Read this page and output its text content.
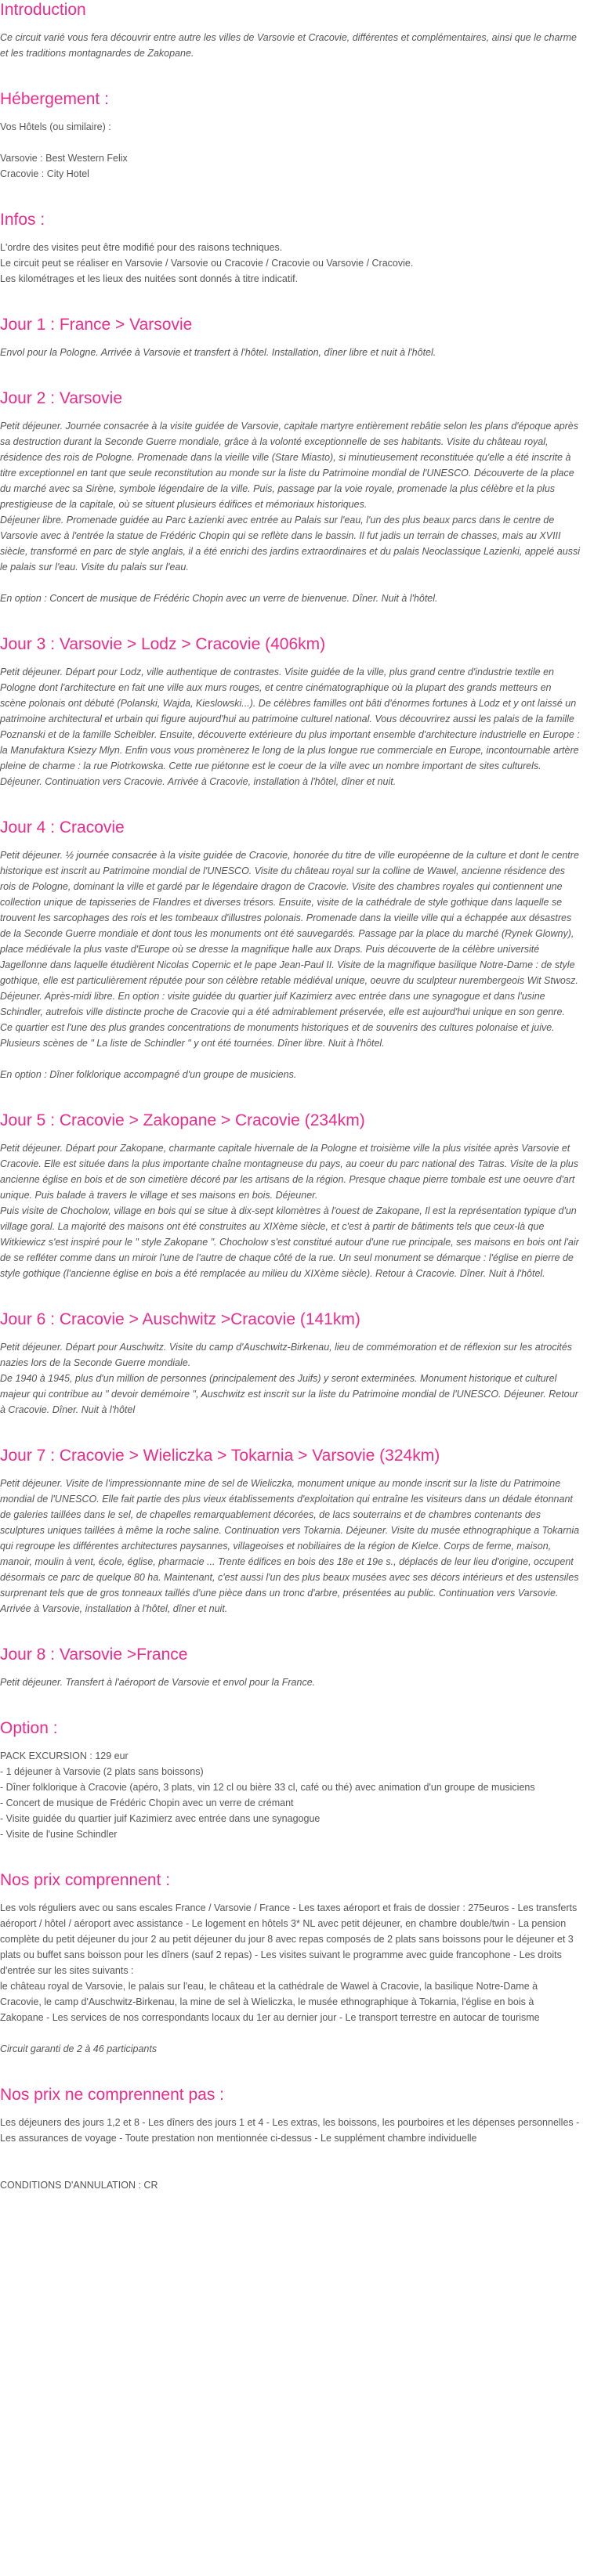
Introduction

Ce circuit varié vous fera découvrir entre autre les villes de Varsovie et Cracovie, différentes et complémentaires, ainsi que le charme et les traditions montagnardes de Zakopane.

Hébergement :

Vos Hôtels (ou similaire) :

Varsovie : Best Western Felix

Cracovie : City Hotel

Infos :

L'ordre des visites peut être modifié pour des raisons techniques.

Le circuit peut se réaliser en Varsovie / Varsovie ou Cracovie / Cracovie ou Varsovie / Cracovie.

Les kilométrages et les lieux des nuitées sont donnés à titre indicatif.

Jour 1 : France > Varsovie

Envol pour la Pologne. Arrivée à Varsovie et transfert à l'hôtel. Installation, dîner libre et nuit à l'hôtel.

Jour 2 : Varsovie

Petit déjeuner. Journée consacrée à la visite guidée de Varsovie, capitale martyre entièrement rebâtie selon les plans d'époque après sa destruction durant la Seconde Guerre mondiale, grâce à la volonté exceptionnelle de ses habitants. Visite du château royal, résidence des rois de Pologne. Promenade dans la vieille ville (Stare Miasto), si minutieusement reconstituée qu'elle a été inscrite à titre exceptionnel en tant que seule reconstitution au monde sur la liste du Patrimoine mondial de l'UNESCO. Découverte de la place du marché avec sa Sirène, symbole légendaire de la ville. Puis, passage par la voie royale, promenade la plus célèbre et la plus prestigieuse de la capitale, où se situent plusieurs édifices et mémoriaux historiques.

Déjeuner libre. Promenade guidée au Parc Łazienki avec entrée au Palais sur l'eau, l'un des plus beaux parcs dans le centre de Varsovie avec à l'entrée la statue de Frédéric Chopin qui se reflète dans le bassin. Il fut jadis un terrain de chasses, mais au XVIII siècle, transformé en parc de style anglais, il a été enrichi des jardins extraordinaires et du palais Neoclassique Lazienki, appelé aussi le palais sur l'eau. Visite du palais sur l'eau.

En option : Concert de musique de Frédéric Chopin avec un verre de bienvenue. Dîner. Nuit à l'hôtel.

Jour 3 : Varsovie > Lodz > Cracovie (406km)

Petit déjeuner. Départ pour Lodz, ville authentique de contrastes. Visite guidée de la ville, plus grand centre d'industrie textile en Pologne dont l'architecture en fait une ville aux murs rouges, et centre cinématographique où la plupart des grands metteurs en scène polonais ont débuté (Polanski, Wajda, Kieslowski...). De célèbres familles ont bâti d'énormes fortunes à Lodz et y ont laissé un patrimoine architectural et urbain qui figure aujourd'hui au patrimoine culturel national. Vous découvrirez aussi les palais de la famille Poznanski et de la famille Scheibler. Ensuite, découverte extérieure du plus important ensemble d'architecture industrielle en Europe : la Manufaktura Ksiezy Mlyn. Enfin vous vous promènerez le long de la plus longue rue commerciale en Europe, incontournable artère pleine de charme : la rue Piotrkowska. Cette rue piétonne est le coeur de la ville avec un nombre important de sites culturels. Déjeuner. Continuation vers Cracovie. Arrivée à Cracovie, installation à l'hôtel, dîner et nuit.

Jour 4 : Cracovie

Petit déjeuner. ½ journée consacrée à la visite guidée de Cracovie, honorée du titre de ville européenne de la culture et dont le centre historique est inscrit au Patrimoine mondial de l'UNESCO. Visite du château royal sur la colline de Wawel, ancienne résidence des rois de Pologne, dominant la ville et gardé par le légendaire dragon de Cracovie. Visite des chambres royales qui contiennent une collection unique de tapisseries de Flandres et diverses trésors. Ensuite, visite de la cathédrale de style gothique dans laquelle se trouvent les sarcophages des rois et les tombeaux d'illustres polonais. Promenade dans la vieille ville qui a échappée aux désastres de la Seconde Guerre mondiale et dont tous les monuments ont été sauvegardés. Passage par la place du marché (Rynek Glowny), place médiévale la plus vaste d'Europe où se dresse la magnifique halle aux Draps. Puis découverte de la célèbre université Jagellonne dans laquelle étudièrent Nicolas Copernic et le pape Jean-Paul II. Visite de la magnifique basilique Notre-Dame : de style gothique, elle est particulièrement réputée pour son célèbre retable médiéval unique, oeuvre du sculpteur nurembergeois Wit Stwosz. Déjeuner. Après-midi libre. En option : visite guidée du quartier juif Kazimierz avec entrée dans une synagogue et dans l'usine Schindler, autrefois ville distincte proche de Cracovie qui a été admirablement préservée, elle est aujourd'hui unique en son genre. Ce quartier est l'une des plus grandes concentrations de monuments historiques et de souvenirs des cultures polonaise et juive. Plusieurs scènes de " La liste de Schindler " y ont été tournées. Dîner libre. Nuit à l'hôtel.

En option : Dîner folklorique accompagné d'un groupe de musiciens.

Jour 5 : Cracovie > Zakopane > Cracovie (234km)

Petit déjeuner. Départ pour Zakopane, charmante capitale hivernale de la Pologne et troisième ville la plus visitée après Varsovie et Cracovie. Elle est située dans la plus importante chaîne montagneuse du pays, au coeur du parc national des Tatras. Visite de la plus ancienne église en bois et de son cimetière décoré par les artisans de la région. Presque chaque pierre tombale est une oeuvre d'art unique. Puis balade à travers le village et ses maisons en bois. Déjeuner.

Puis visite de Chocholow, village en bois qui se situe à dix-sept kilomètres à l'ouest de Zakopane, Il est la représentation typique d'un village goral. La majorité des maisons ont été construites au XIXème siècle, et c'est à partir de bâtiments tels que ceux-là que Witkiewicz s'est inspiré pour le " style Zakopane ". Chocholow s'est constitué autour d'une rue principale, ses maisons en bois ont l'air de se refléter comme dans un miroir l'une de l'autre de chaque côté de la rue. Un seul monument se démarque : l'église en pierre de style gothique (l'ancienne église en bois a été remplacée au milieu du XIXème siècle). Retour à Cracovie. Dîner. Nuit à l'hôtel.

Jour 6 : Cracovie > Auschwitz >Cracovie (141km)

Petit déjeuner. Départ pour Auschwitz. Visite du camp d'Auschwitz-Birkenau, lieu de commémoration et de réflexion sur les atrocités nazies lors de la Seconde Guerre mondiale.

De 1940 à 1945, plus d'un million de personnes (principalement des Juifs) y seront exterminées. Monument historique et culturel majeur qui contribue au " devoir demémoire ", Auschwitz est inscrit sur la liste du Patrimoine mondial de l'UNESCO. Déjeuner. Retour à Cracovie. Dîner. Nuit à l'hôtel

Jour 7 : Cracovie > Wieliczka > Tokarnia > Varsovie (324km)

Petit déjeuner. Visite de l'impressionnante mine de sel de Wieliczka, monument unique au monde inscrit sur la liste du Patrimoine mondial de l'UNESCO. Elle fait partie des plus vieux établissements d'exploitation qui entraîne les visiteurs dans un dédale étonnant de galeries taillées dans le sel, de chapelles remarquablement décorées, de lacs souterrains et de chambres contenants des sculptures uniques taillées à même la roche saline. Continuation vers Tokarnia. Déjeuner. Visite du musée ethnographique a Tokarnia qui regroupe les différentes architectures paysannes, villageoises et nobiliaires de la région de Kielce. Corps de ferme, maison, manoir, moulin à vent, école, église, pharmacie ... Trente édifices en bois des 18e et 19e s., déplacés de leur lieu d'origine, occupent désormais ce parc de quelque 80 ha. Maintenant, c'est aussi l'un des plus beaux musées avec ses décors intérieurs et des ustensiles surprenant tels que de gros tonneaux taillés d'une pièce dans un tronc d'arbre, présentées au public. Continuation vers Varsovie. Arrivée à Varsovie, installation à l'hôtel, dîner et nuit.

Jour 8 : Varsovie >France

Petit déjeuner. Transfert à l'aéroport de Varsovie et envol pour la France.

Option :

PACK EXCURSION : 129 eur

- 1 déjeuner à Varsovie (2 plats sans boissons)

- Dîner folklorique à Cracovie (apéro, 3 plats, vin 12 cl ou bière 33 cl, café ou thé) avec animation d'un groupe de musiciens

- Concert de musique de Frédéric Chopin avec un verre de crémant

- Visite guidée du quartier juif Kazimierz avec entrée dans une synagogue

- Visite de l'usine Schindler

Nos prix comprennent :

Les vols réguliers avec ou sans escales France / Varsovie / France - Les taxes aéroport et frais de dossier : 275euros - Les transferts aéroport / hôtel / aéroport avec assistance - Le logement en hôtels 3* NL avec petit déjeuner, en chambre double/twin - La pension complète du petit déjeuner du jour 2 au petit déjeuner du jour 8 avec repas composés de 2 plats sans boissons pour le déjeuner et 3 plats ou buffet sans boisson pour les dîners (sauf 2 repas) - Les visites suivant le programme avec guide francophone - Les droits d'entrée sur les sites suivants :

le château royal de Varsovie, le palais sur l'eau, le château et la cathédrale de Wawel à Cracovie, la basilique Notre-Dame à Cracovie, le camp d'Auschwitz-Birkenau, la mine de sel à Wieliczka, le musée ethnographique à Tokarnia, l'église en bois à Zakopane - Les services de nos correspondants locaux du 1er au dernier jour - Le transport terrestre en autocar de tourisme

Circuit garanti de 2 à 46 participants

Nos prix ne comprennent pas :

Les déjeuners des jours 1,2 et 8 - Les dîners des jours 1 et 4 - Les extras, les boissons, les pourboires et les dépenses personnelles - Les assurances de voyage - Toute prestation non mentionnée ci-dessus - Le supplément chambre individuelle

CONDITIONS D'ANNULATION : CR
